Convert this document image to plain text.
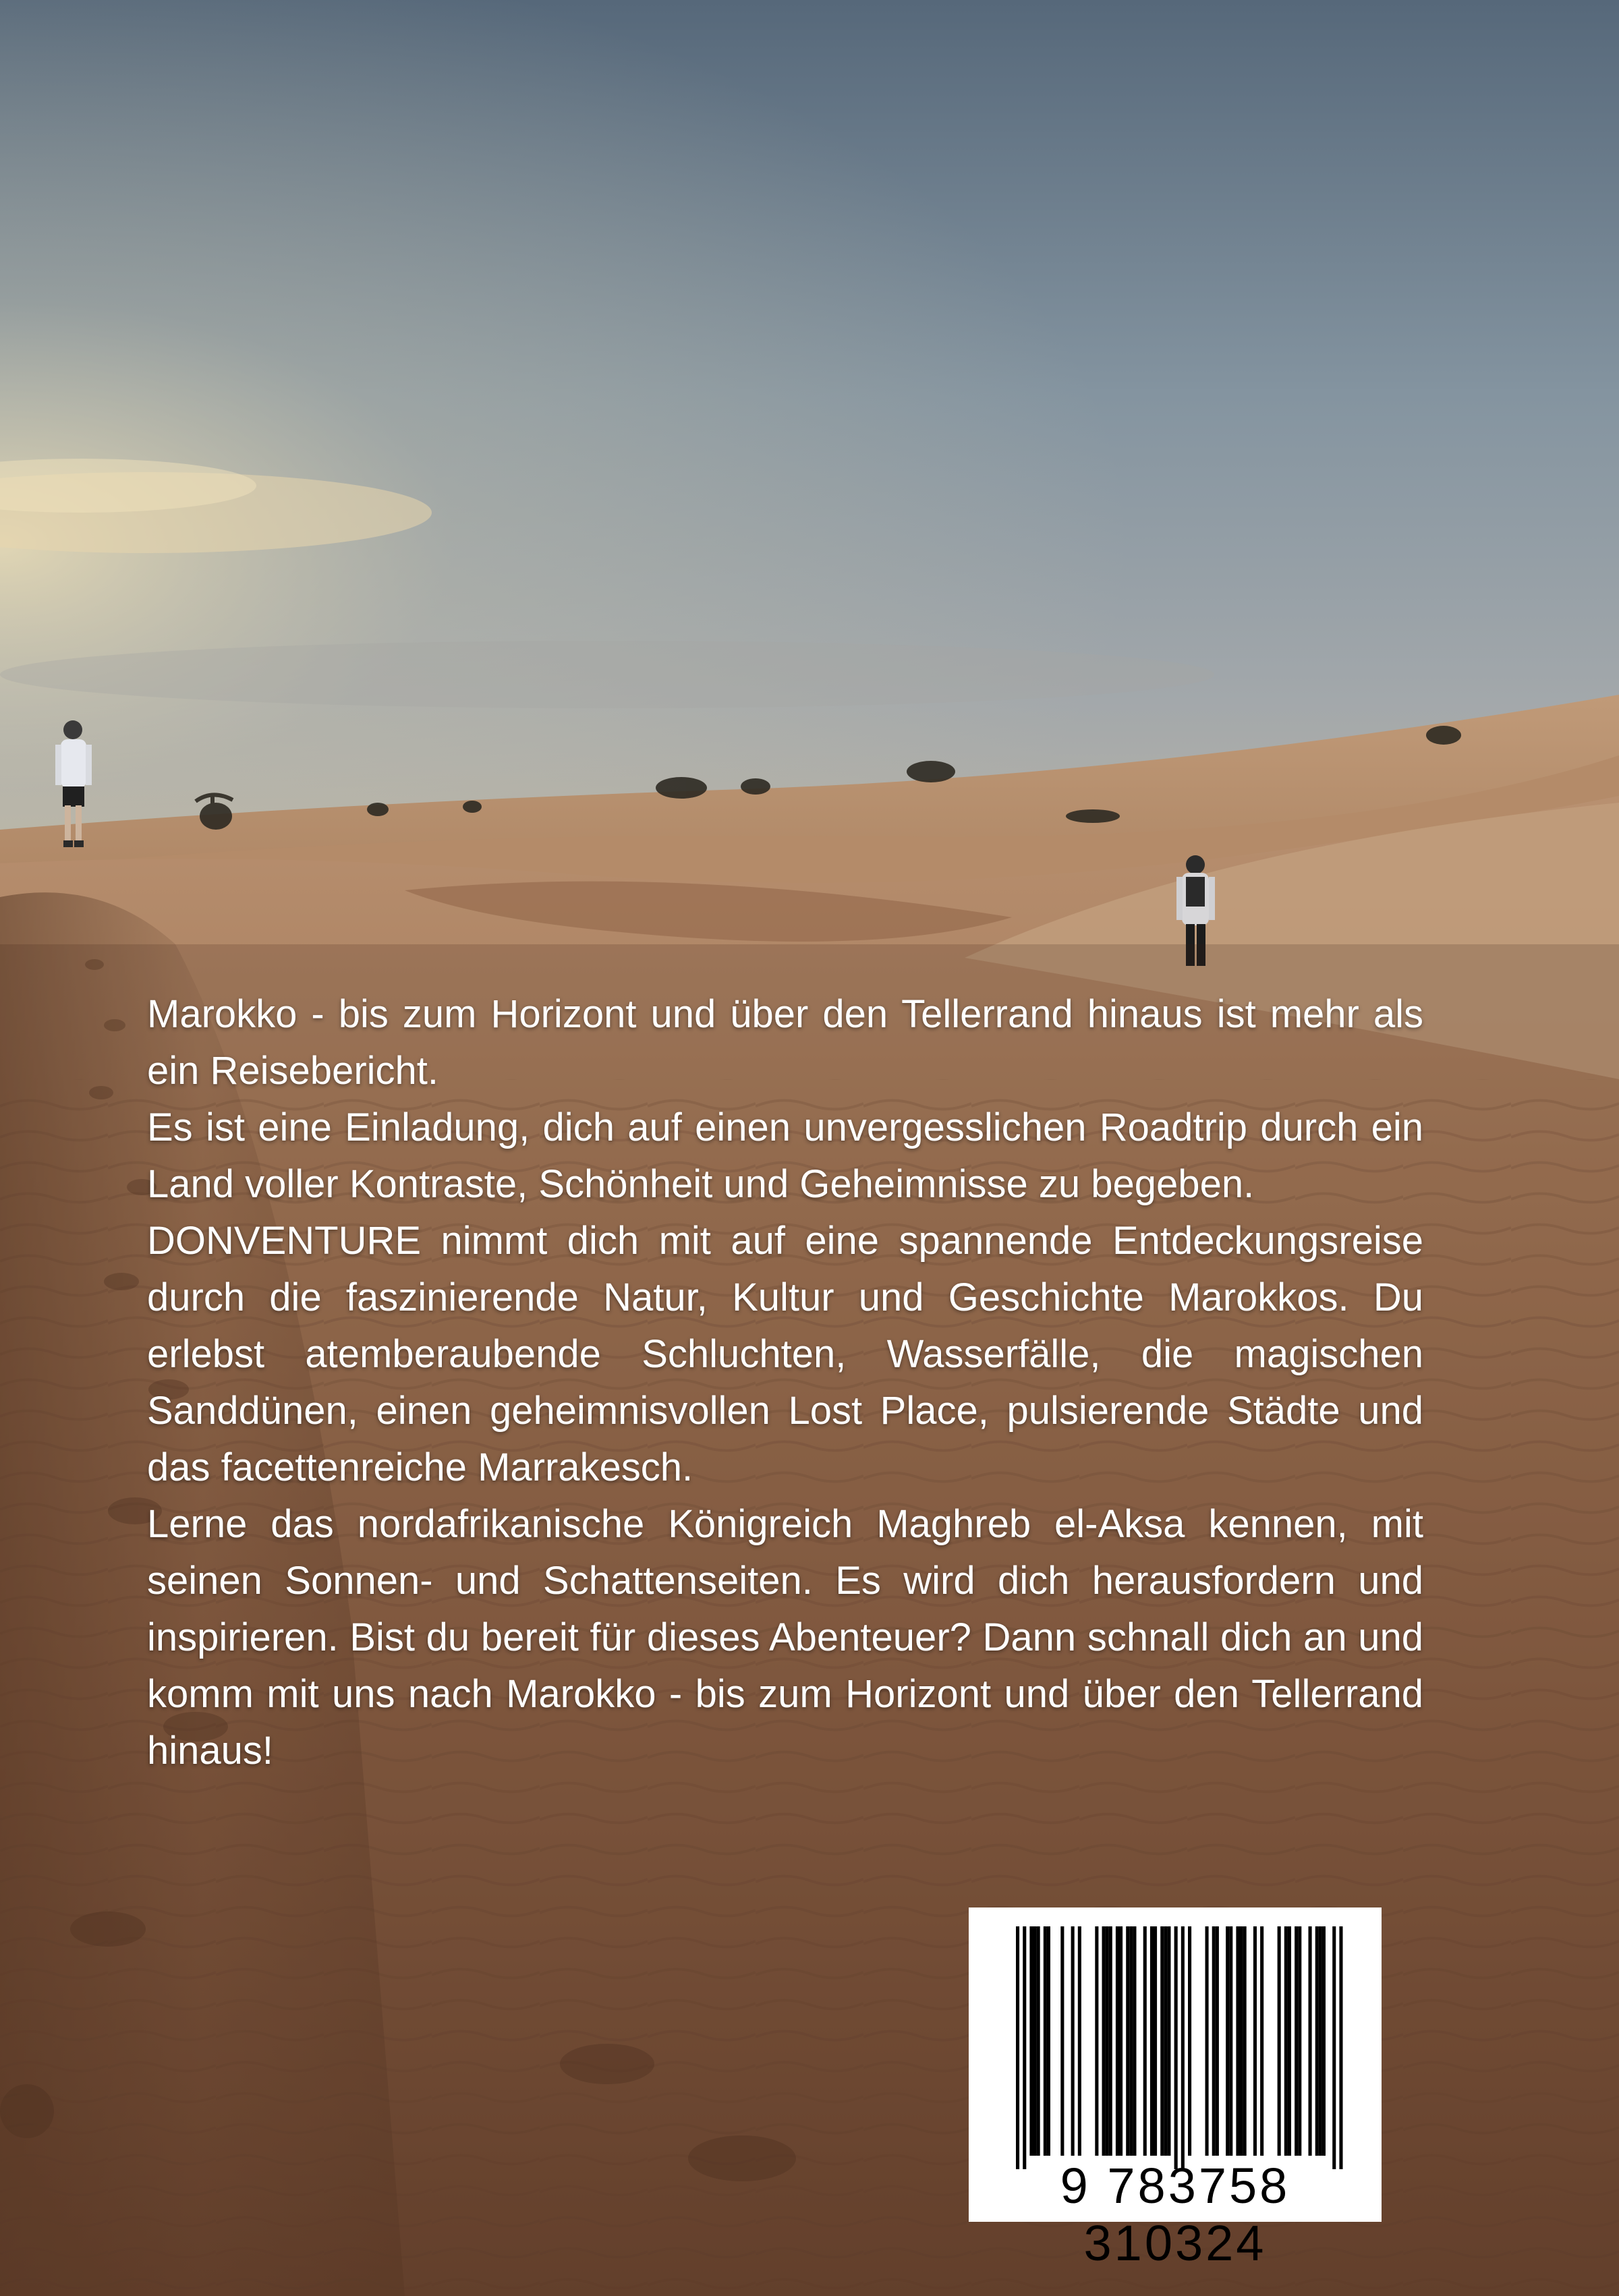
Marokko - bis zum Horizont und über den Tellerrand hinaus ist mehr als ein Reisebericht.

Es ist eine Einladung, dich auf einen unvergesslichen Roadtrip durch ein Land voller Kontraste, Schönheit und Geheimnisse zu begeben.

DONVENTURE nimmt dich mit auf eine spannende Entdeckungsreise durch die faszinierende Natur, Kultur und Geschichte Marokkos. Du erlebst atemberaubende Schluchten, Wasserfälle, die magischen Sanddünen, einen geheimnisvollen Lost Place, pulsierende Städte und das facettenreiche Marrakesch.

Lerne das nordafrikanische Königreich Maghreb el-Aksa kennen, mit seinen Sonnen- und Schattenseiten. Es wird dich herausfordern und inspirieren. Bist du bereit für dieses Abenteuer? Dann schnall dich an und komm mit uns nach Marokko - bis zum Horizont und über den Tellerrand hinaus!

9 783758 310324
